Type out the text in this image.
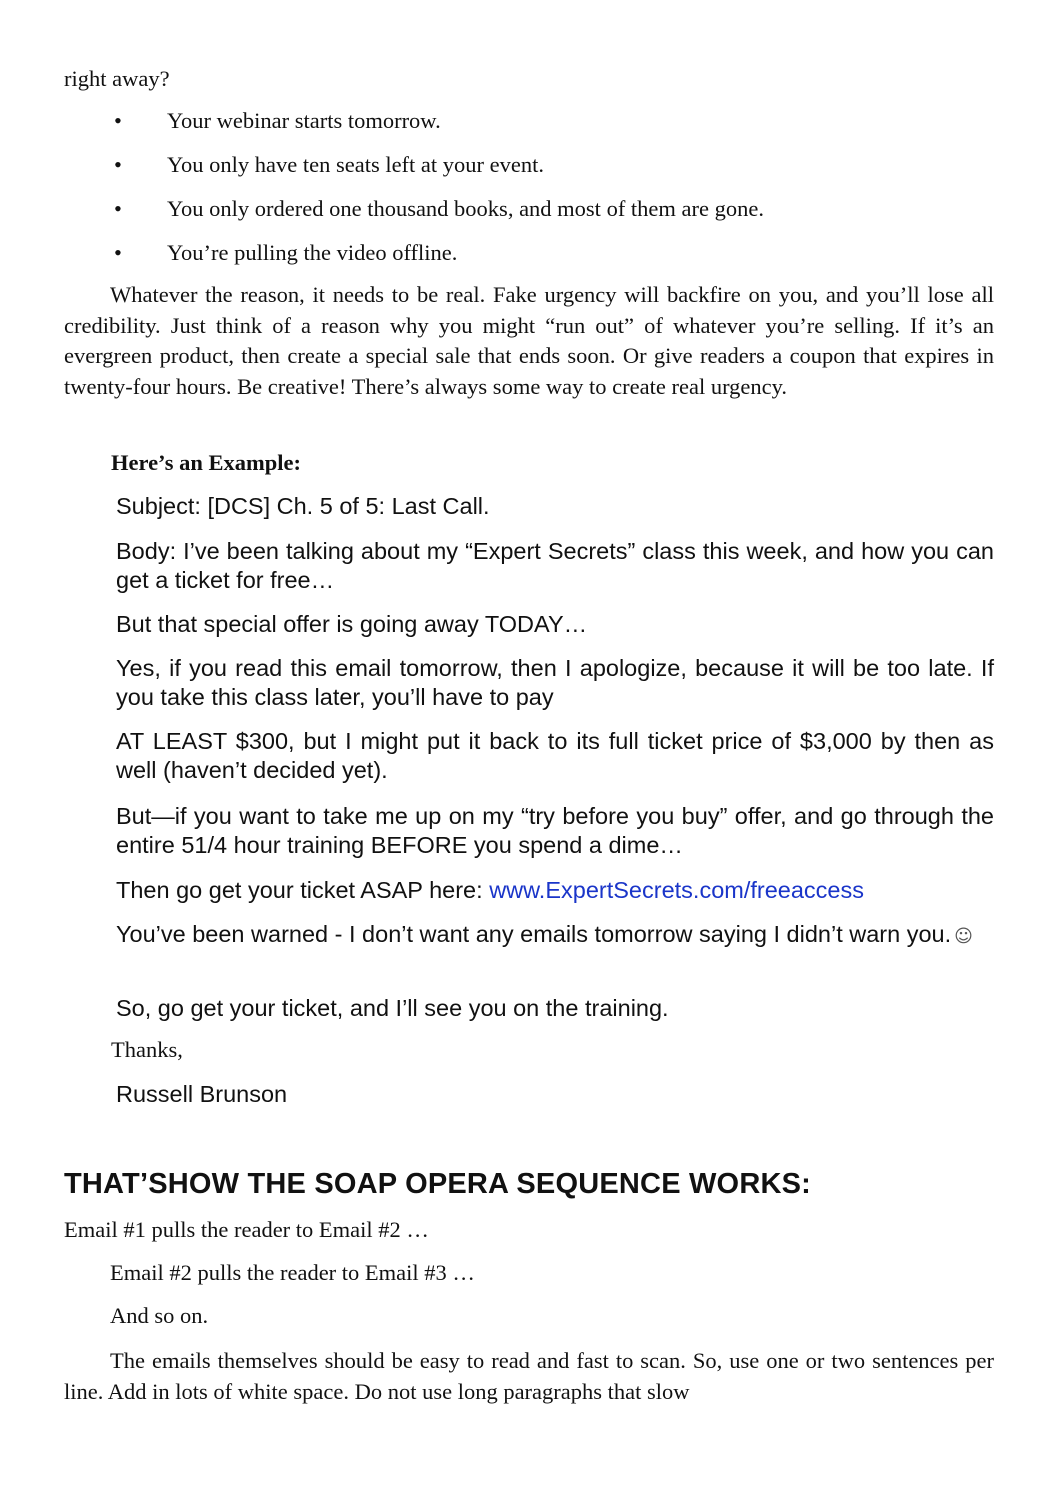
right away?

• Your webinar starts tomorrow.
• You only have ten seats left at your event.
• You only ordered one thousand books, and most of them are gone.
• You’re pulling the video offline.

Whatever the reason, it needs to be real. Fake urgency will backfire on you, and you’ll lose all credibility. Just think of a reason why you might “run out” of whatever you’re selling. If it’s an evergreen product, then create a special sale that ends soon. Or give readers a coupon that expires in twenty-four hours. Be creative! There’s always some way to create real urgency.

Here’s an Example:

Subject: [DCS] Ch. 5 of 5: Last Call.

Body: I’ve been talking about my “Expert Secrets” class this week, and how you can get a ticket for free…

But that special offer is going away TODAY…

Yes, if you read this email tomorrow, then I apologize, because it will be too late. If you take this class later, you’ll have to pay

AT LEAST $300, but I might put it back to its full ticket price of $3,000 by then as well (haven’t decided yet).

But—if you want to take me up on my “try before you buy” offer, and go through the entire 51/4 hour training BEFORE you spend a dime…

Then go get your ticket ASAP here: www.ExpertSecrets.com/freeaccess

You’ve been warned - I don’t want any emails tomorrow saying I didn’t warn you. ☺

So, go get your ticket, and I’ll see you on the training.

Thanks,

Russell Brunson

THAT’SHOW THE SOAP OPERA SEQUENCE WORKS:

Email #1 pulls the reader to Email #2 …

Email #2 pulls the reader to Email #3 …

And so on.

The emails themselves should be easy to read and fast to scan. So, use one or two sentences per line. Add in lots of white space. Do not use long paragraphs that slow
